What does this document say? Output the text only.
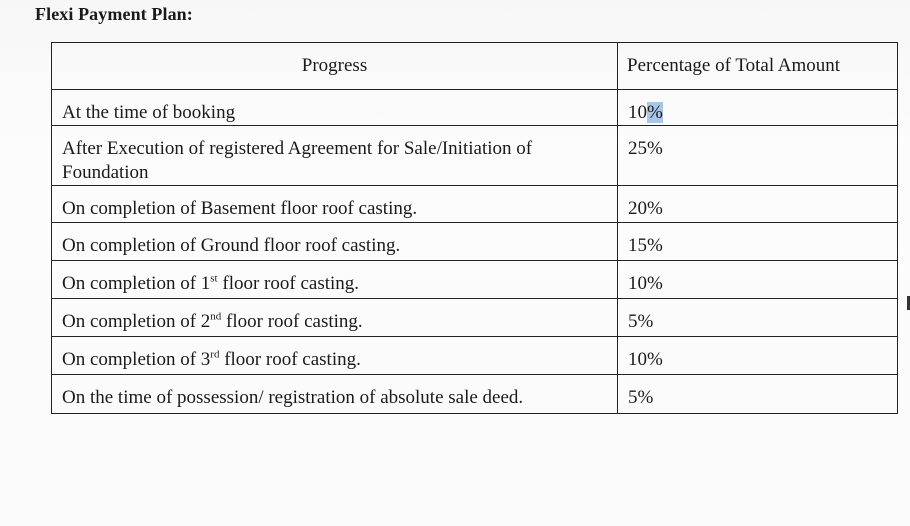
Flexi Payment Plan:
Progress	Percentage of Total Amount
At the time of booking	10%
After Execution of registered Agreement for Sale/Initiation of
Foundation	25%
On completion of Basement floor roof casting.	20%
On completion of Ground floor roof casting.	15%
On completion of 1st floor roof casting.	10%
On completion of 2nd floor roof casting.	5%
On completion of 3rd floor roof casting.	10%
On the time of possession/ registration of absolute sale deed.	5%
